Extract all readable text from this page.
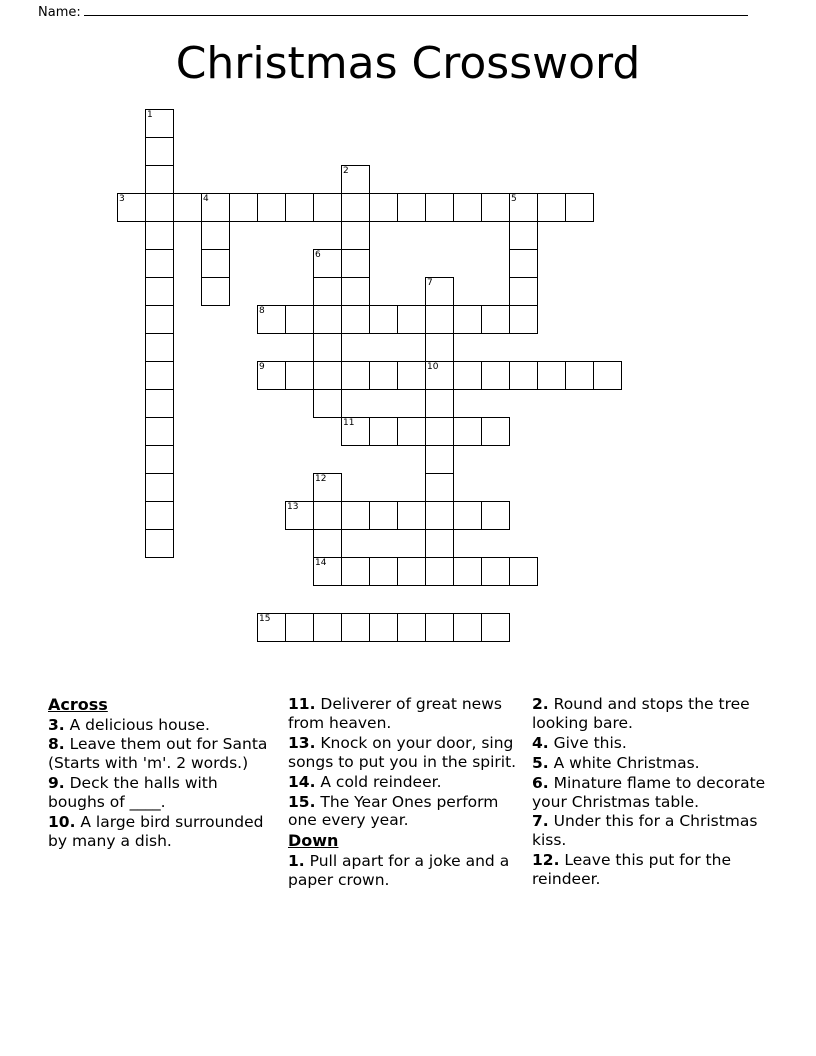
Name:
Christmas Crossword
1
2
3	4	5
6
7
8
9	10
11
12
13
14
15
Across
3. A delicious house.
8. Leave them out for Santa (Starts with 'm'. 2 words.)
9. Deck the halls with boughs of ____.
10. A large bird surrounded by many a dish.
11. Deliverer of great news from heaven.
13. Knock on your door, sing songs to put you in the spirit.
14. A cold reindeer.
15. The Year Ones perform one every year.
Down
1. Pull apart for a joke and a paper crown.
2. Round and stops the tree looking bare.
4. Give this.
5. A white Christmas.
6. Minature flame to decorate your Christmas table.
7. Under this for a Christmas kiss.
12. Leave this put for the reindeer.
